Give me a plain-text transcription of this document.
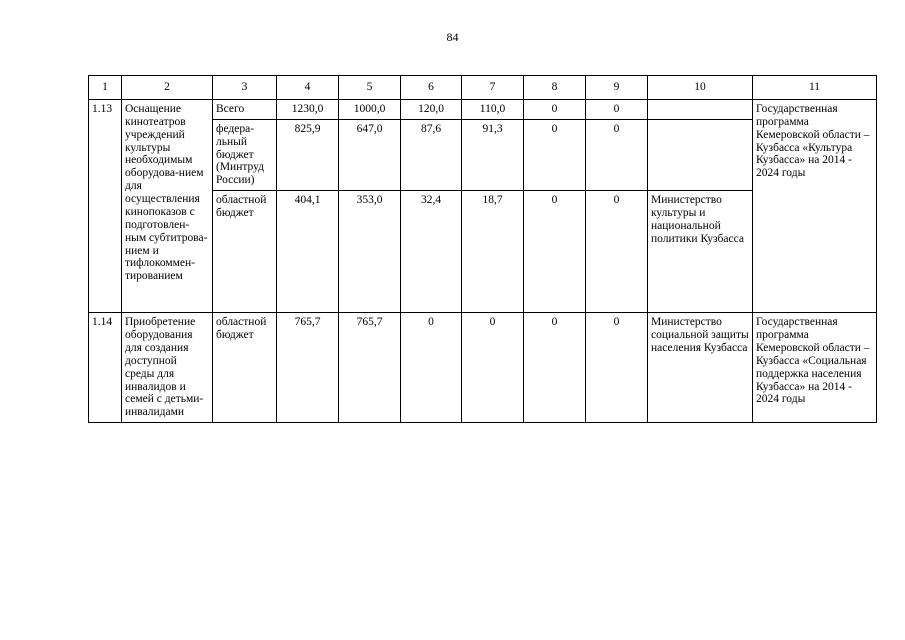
84
1	2	3	4	5	6	7	8	9	10	11
1.13	Оснащение кинотеатров учреждений культуры необходимым оборудова-нием для осуществления кинопоказов с подготовлен-ным субтитрова-нием и тифлокоммен-тированием	Всего	1230,0	1000,0	120,0	110,0	0	0		Государственная программа Кемеровской области – Кузбасса «Культура Кузбасса» на 2014 - 2024 годы
		федера-льный бюджет (Минтруд России)	825,9	647,0	87,6	91,3	0	0		
		областной бюджет	404,1	353,0	32,4	18,7	0	0	Министерство культуры и национальной политики Кузбасса	
1.14	Приобретение оборудования для создания доступной среды для инвалидов и семей с детьми-инвалидами	областной бюджет	765,7	765,7	0	0	0	0	Министерство социальной защиты населения Кузбасса	Государственная программа Кемеровской области – Кузбасса «Социальная поддержка населения Кузбасса» на 2014 - 2024 годы
